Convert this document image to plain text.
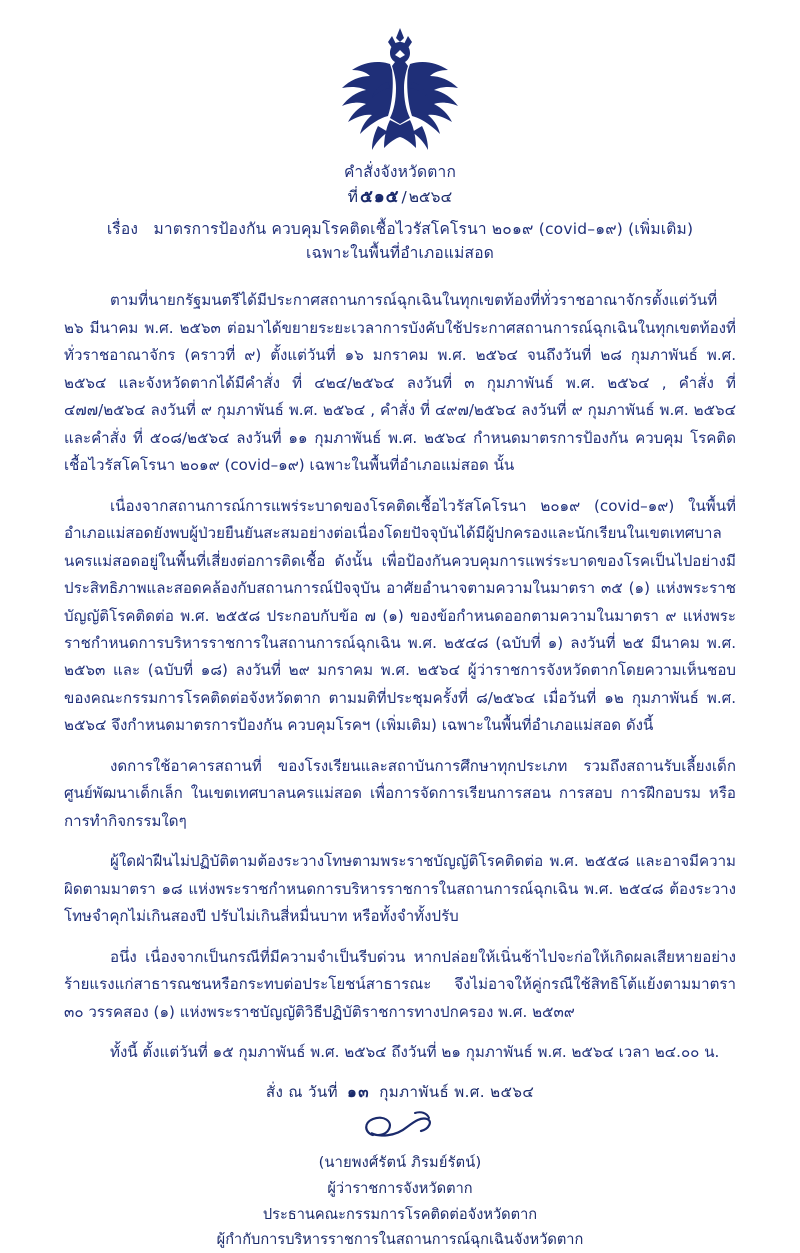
คำสั่งจังหวัดตาก
ที่ ๕๑๕ / ๒๕๖๔
เรื่อง มาตรการป้องกัน ควบคุมโรคติดเชื้อไวรัสโคโรนา ๒๐๑๙ (covid–๑๙) (เพิ่มเติม)
เฉพาะในพื้นที่อำเภอแม่สอด

ตามที่นายกรัฐมนตรีได้มีประกาศสถานการณ์ฉุกเฉินในทุกเขตท้องที่ทั่วราชอาณาจักรตั้งแต่วันที่ ๒๖ มีนาคม พ.ศ. ๒๕๖๓ ต่อมาได้ขยายระยะเวลาการบังคับใช้ประกาศสถานการณ์ฉุกเฉินในทุกเขตท้องที่ทั่วราชอาณาจักร (คราวที่ ๙) ตั้งแต่วันที่ ๑๖ มกราคม พ.ศ. ๒๕๖๔ จนถึงวันที่ ๒๘ กุมภาพันธ์ พ.ศ. ๒๕๖๔ และจังหวัดตากได้มีคำสั่ง ที่ ๔๒๔/๒๕๖๔ ลงวันที่ ๓ กุมภาพันธ์ พ.ศ. ๒๕๖๔ , คำสั่ง ที่ ๔๗๗/๒๕๖๔ ลงวันที่ ๙ กุมภาพันธ์ พ.ศ. ๒๕๖๔ , คำสั่ง ที่ ๔๙๗/๒๕๖๔ ลงวันที่ ๙ กุมภาพันธ์ พ.ศ. ๒๕๖๔ และคำสั่ง ที่ ๕๐๘/๒๕๖๔ ลงวันที่ ๑๑ กุมภาพันธ์ พ.ศ. ๒๕๖๔ กำหนดมาตรการป้องกัน ควบคุม โรคติดเชื้อไวรัสโคโรนา ๒๐๑๙ (covid–๑๙) เฉพาะในพื้นที่อำเภอแม่สอด นั้น

เนื่องจากสถานการณ์การแพร่ระบาดของโรคติดเชื้อไวรัสโคโรนา ๒๐๑๙ (covid–๑๙) ในพื้นที่อำเภอแม่สอดยังพบผู้ป่วยยืนยันสะสมอย่างต่อเนื่องโดยปัจจุบันได้มีผู้ปกครองและนักเรียนในเขตเทศบาลนครแม่สอดอยู่ในพื้นที่เสี่ยงต่อการติดเชื้อ ดังนั้น เพื่อป้องกันควบคุมการแพร่ระบาดของโรคเป็นไปอย่างมีประสิทธิภาพและสอดคล้องกับสถานการณ์ปัจจุบัน อาศัยอำนาจตามความในมาตรา ๓๕ (๑) แห่งพระราชบัญญัติโรคติดต่อ พ.ศ. ๒๕๕๘ ประกอบกับข้อ ๗ (๑) ของข้อกำหนดออกตามความในมาตรา ๙ แห่งพระราชกำหนดการบริหารราชการในสถานการณ์ฉุกเฉิน พ.ศ. ๒๕๔๘ (ฉบับที่ ๑) ลงวันที่ ๒๕ มีนาคม พ.ศ. ๒๕๖๓ และ (ฉบับที่ ๑๘) ลงวันที่ ๒๙ มกราคม พ.ศ. ๒๕๖๔ ผู้ว่าราชการจังหวัดตากโดยความเห็นชอบของคณะกรรมการโรคติดต่อจังหวัดตาก ตามมติที่ประชุมครั้งที่ ๘/๒๕๖๔ เมื่อวันที่ ๑๒ กุมภาพันธ์ พ.ศ. ๒๕๖๔ จึงกำหนดมาตรการป้องกัน ควบคุมโรคฯ (เพิ่มเติม) เฉพาะในพื้นที่อำเภอแม่สอด ดังนี้

งดการใช้อาคารสถานที่ ของโรงเรียนและสถาบันการศึกษาทุกประเภท รวมถึงสถานรับเลี้ยงเด็ก ศูนย์พัฒนาเด็กเล็ก ในเขตเทศบาลนครแม่สอด เพื่อการจัดการเรียนการสอน การสอบ การฝึกอบรม หรือการทำกิจกรรมใดๆ

ผู้ใดฝ่าฝืนไม่ปฏิบัติตามต้องระวางโทษตามพระราชบัญญัติโรคติดต่อ พ.ศ. ๒๕๕๘ และอาจมีความผิดตามมาตรา ๑๘ แห่งพระราชกำหนดการบริหารราชการในสถานการณ์ฉุกเฉิน พ.ศ. ๒๕๔๘ ต้องระวางโทษจำคุกไม่เกินสองปี ปรับไม่เกินสี่หมื่นบาท หรือทั้งจำทั้งปรับ

อนึ่ง เนื่องจากเป็นกรณีที่มีความจำเป็นรีบด่วน หากปล่อยให้เนิ่นช้าไปจะก่อให้เกิดผลเสียหายอย่างร้ายแรงแก่สาธารณชนหรือกระทบต่อประโยชน์สาธารณะ จึงไม่อาจให้คู่กรณีใช้สิทธิโต้แย้งตามมาตรา ๓๐ วรรคสอง (๑) แห่งพระราชบัญญัติวิธีปฏิบัติราชการทางปกครอง พ.ศ. ๒๕๓๙

ทั้งนี้ ตั้งแต่วันที่ ๑๕ กุมภาพันธ์ พ.ศ. ๒๕๖๔ ถึงวันที่ ๒๑ กุมภาพันธ์ พ.ศ. ๒๕๖๔ เวลา ๒๔.๐๐ น.

สั่ง ณ วันที่ ๑๓ กุมภาพันธ์ พ.ศ. ๒๕๖๔
(นายพงศ์รัตน์ ภิรมย์รัตน์)
ผู้ว่าราชการจังหวัดตาก
ประธานคณะกรรมการโรคติดต่อจังหวัดตาก
ผู้กำกับการบริหารราชการในสถานการณ์ฉุกเฉินจังหวัดตาก
